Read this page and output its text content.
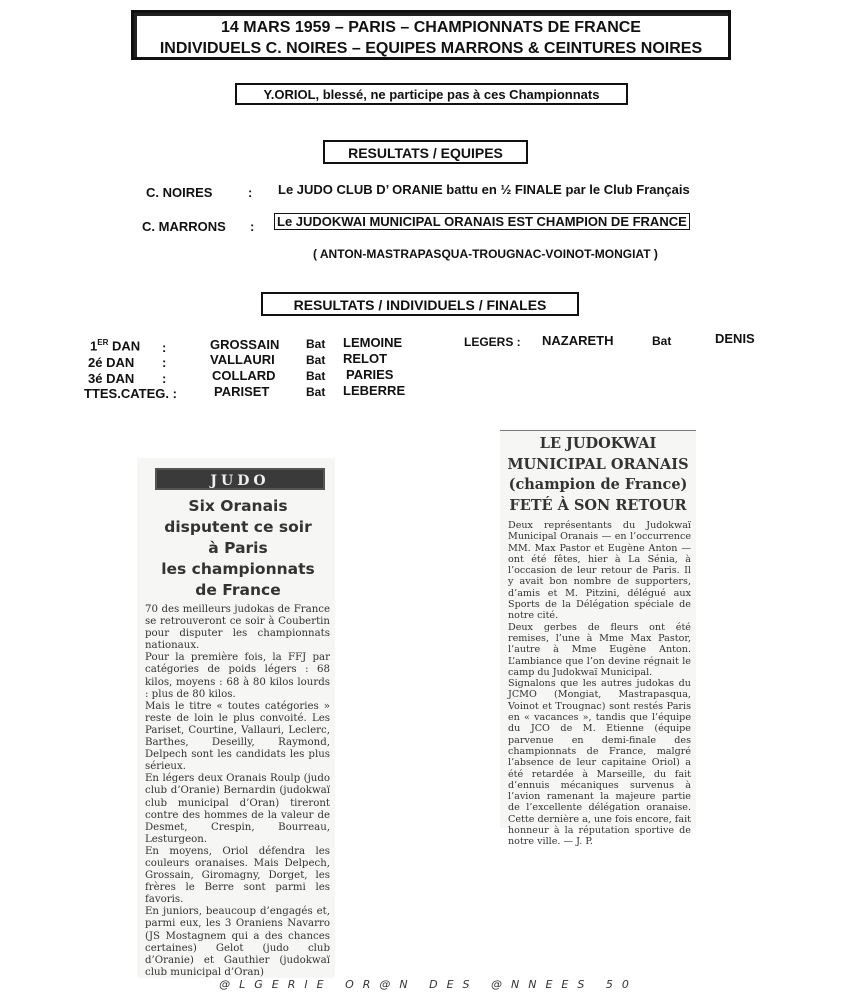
14 MARS 1959 – PARIS – CHAMPIONNATS DE FRANCE
INDIVIDUELS C. NOIRES – EQUIPES MARRONS & CEINTURES NOIRES
Y.ORIOL, blessé, ne participe pas à ces Championnats
RESULTATS / EQUIPES
C. NOIRES	: Le JUDO CLUB D’ ORANIE battu en ½ FINALE par le Club Français
C. MARRONS : Le JUDOKWAI MUNICIPAL ORANAIS EST CHAMPION DE FRANCE
( ANTON-MASTRAPASQUA-TROUGNAC-VOINOT-MONGIAT )
RESULTATS / INDIVIDUELS / FINALES
1ER DAN :	GROSSAIN Bat LEMOINE
2é DAN :	VALLAURI	Bat RELOT
3é DAN :	COLLARD	Bat PARIES
TTES.CATEG. :	PARISET	Bat LEBERRE
LEGERS : NAZARETH	Bat	DENIS
JUDO
Six Oranais
disputent ce soir
à Paris
les championnats
de France
70 des meilleurs judokas de France se retrouveront ce soir à Coubertin pour disputer les championnats nationaux.
Pour la première fois, la FFJ par catégories de poids légers : 68 kilos, moyens : 68 à 80 kilos lourds : plus de 80 kilos.
Mais le titre « toutes catégories » reste de loin le plus convoité. Les Pariset, Courtine, Vallauri, Leclerc, Barthes, Deseilly, Raymond, Delpech sont les candidats les plus sérieux.
En légers deux Oranais Roulp (judo club d’Oranie) Bernardin (judokwaï club municipal d’Oran) tireront contre des hommes de la valeur de Desmet, Crespin, Bourreau, Lesturgeon.
En moyens, Oriol défendra les couleurs oranaises. Mais Delpech, Grossain, Giromagny, Dorget, les frères le Berre sont parmi les favoris.
En juniors, beaucoup d’engagés et, parmi eux, les 3 Oraniens Navarro (JS Mostagnem qui a des chances certaines) Gelot (judo club d’Oranie) et Gauthier (judokwaï club municipal d’Oran)
LE JUDOKWAI
MUNICIPAL ORANAIS
(champion de France)
FETÉ À SON RETOUR
Deux représentants du Judokwaï Municipal Oranais — en l’occurrence MM. Max Pastor et Eugène Anton — ont été fêtes, hier à La Sénia, à l’occasion de leur retour de Paris. Il y avait bon nombre de supporters, d’amis et M. Pitzini, délégué aux Sports de la Délégation spéciale de notre cité.
Deux gerbes de fleurs ont été remises, l’une à Mme Max Pastor, l’autre à Mme Eugène Anton. L’ambiance que l’on devine régnait le camp du Judokwaï Municipal.
Signalons que les autres judokas du JCMO (Mongiat, Mastrapasqua, Voinot et Trougnac) sont restés Paris en « vacances », tandis que l’équipe du JCO de M. Etienne (équipe parvenue en demi-finale des championnats de France, malgré l’absence de leur capitaine Oriol) a été retardée à Marseille, du fait d’ennuis mécaniques survenus à l’avion ramenant la majeure partie de l’excellente délégation oranaise. Cette dernière a, une fois encore, fait honneur à la réputation sportive de notre ville. — J. P.
@LGERIE OR@N DES @NNEES 50
